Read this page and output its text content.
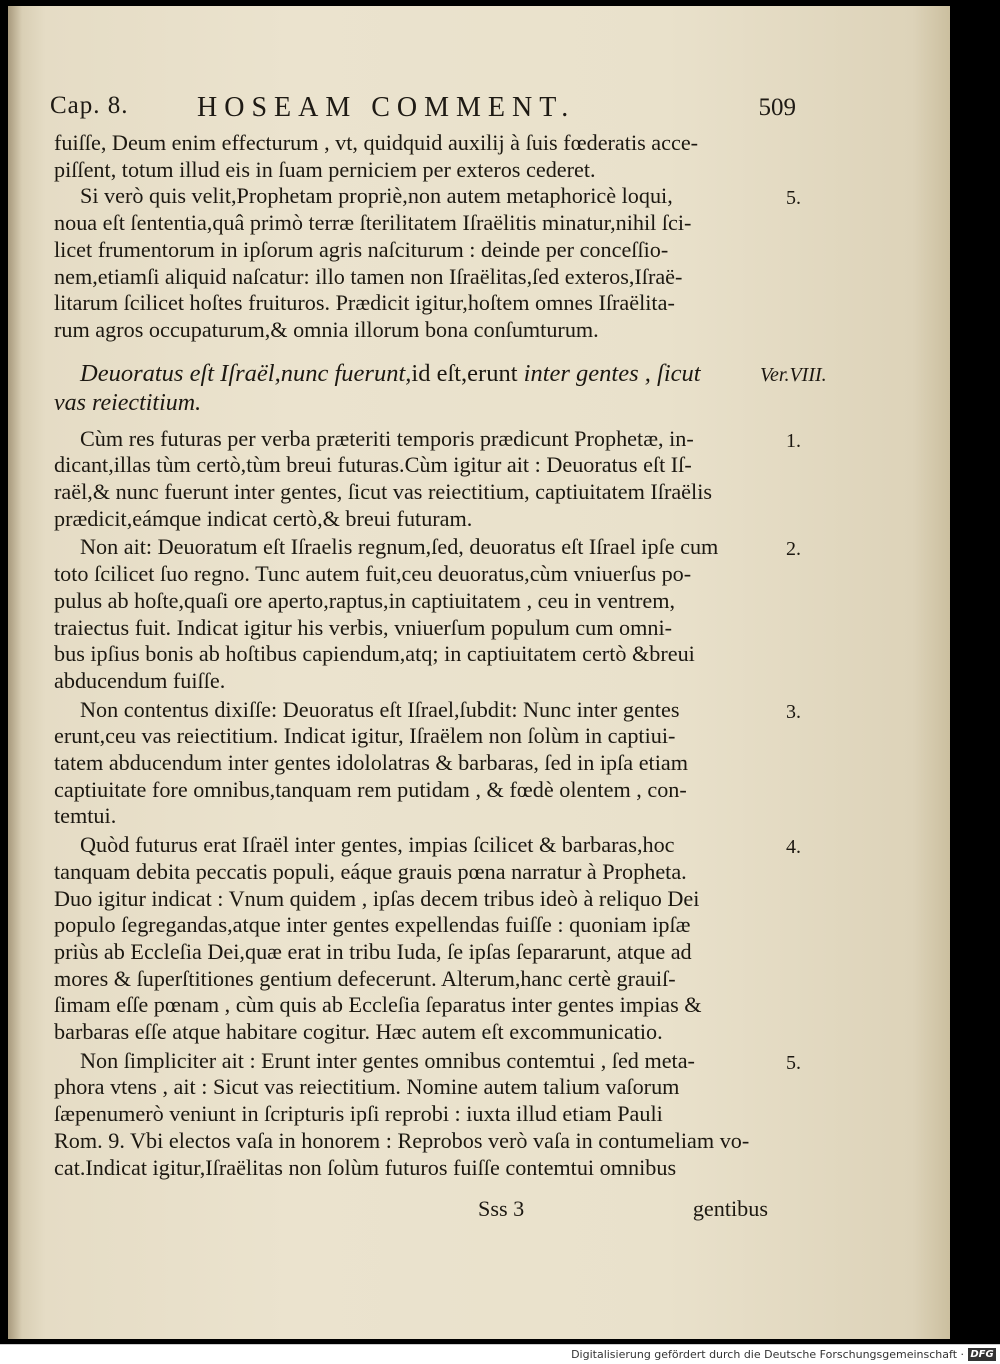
Cap. 8. HOSEAM COMMENT.	509
Sss 3	gentibus
fuiſſe, Deum enim effecturum , vt, quidquid auxilij à ſuis fœderatis acce-
piſſent, totum illud eis in ſuam perniciem per exteros cederet.
Si verò quis velit,Prophetam propriè,non autem metaphoricè loqui,	5.
noua eſt ſententia,quâ primò terræ ſterilitatem Iſraëlitis minatur,nihil ſci-
licet frumentorum in ipſorum agris naſciturum : deinde per conceſſio-
nem,etiamſi aliquid naſcatur: illo tamen non Iſraëlitas,ſed exteros,Iſraë-
litarum ſcilicet hoſtes fruituros. Prædicit igitur,hoſtem omnes Iſraëlita-
rum agros occupaturum,& omnia illorum bona conſumturum.
Deuoratus eſt Iſraël,nunc fuerunt,id eſt,erunt inter gentes , ſicut	Ver.VIII.
vas reiectitium.
Cùm res futuras per verba præteriti temporis prædicunt Prophetæ, in-	1.
dicant,illas tùm certò,tùm breui futuras.Cùm igitur ait : Deuoratus eſt Iſ-
raël,& nunc fuerunt inter gentes, ſicut vas reiectitium, captiuitatem Iſraëlis
prædicit,eámque indicat certò,& breui futuram.
Non ait: Deuoratum eſt Iſraelis regnum,ſed, deuoratus eſt Iſrael ipſe cum	2.
toto ſcilicet ſuo regno. Tunc autem fuit,ceu deuoratus,cùm vniuerſus po-
pulus ab hoſte,quaſi ore aperto,raptus,in captiuitatem , ceu in ventrem,
traiectus fuit. Indicat igitur his verbis, vniuerſum populum cum omni-
bus ipſius bonis ab hoſtibus capiendum,atq; in captiuitatem certò &breui
abducendum fuiſſe.
Non contentus dixiſſe: Deuoratus eſt Iſrael,ſubdit: Nunc inter gentes	3.
erunt,ceu vas reiectitium. Indicat igitur, Iſraëlem non ſolùm in captiui-
tatem abducendum inter gentes idololatras & barbaras, ſed in ipſa etiam
captiuitate fore omnibus,tanquam rem putidam , & fœdè olentem , con-
temtui.
Quòd futurus erat Iſraël inter gentes, impias ſcilicet & barbaras,hoc	4.
tanquam debita peccatis populi, eáque grauis pœna narratur à Propheta.
Duo igitur indicat : Vnum quidem , ipſas decem tribus ideò à reliquo Dei
populo ſegregandas,atque inter gentes expellendas fuiſſe : quoniam ipſæ
priùs ab Eccleſia Dei,quæ erat in tribu Iuda, ſe ipſas ſepararunt, atque ad
mores & ſuperſtitiones gentium defecerunt. Alterum,hanc certè grauiſ-
ſimam eſſe pœnam , cùm quis ab Eccleſia ſeparatus inter gentes impias &
barbaras eſſe atque habitare cogitur. Hæc autem eſt excommunicatio.
Non ſimpliciter ait : Erunt inter gentes omnibus contemtui , ſed meta-	5.
phora vtens , ait : Sicut vas reiectitium. Nomine autem talium vaſorum
ſæpenumerò veniunt in ſcripturis ipſi reprobi : iuxta illud etiam Pauli
Rom. 9. Vbi electos vaſa in honorem : Reprobos verò vaſa in contumeliam vo-
cat.Indicat igitur,Iſraëlitas non ſolùm futuros fuiſſe contemtui omnibus
Digitalisierung gefördert durch die Deutsche Forschungsgemeinschaft · DFG
